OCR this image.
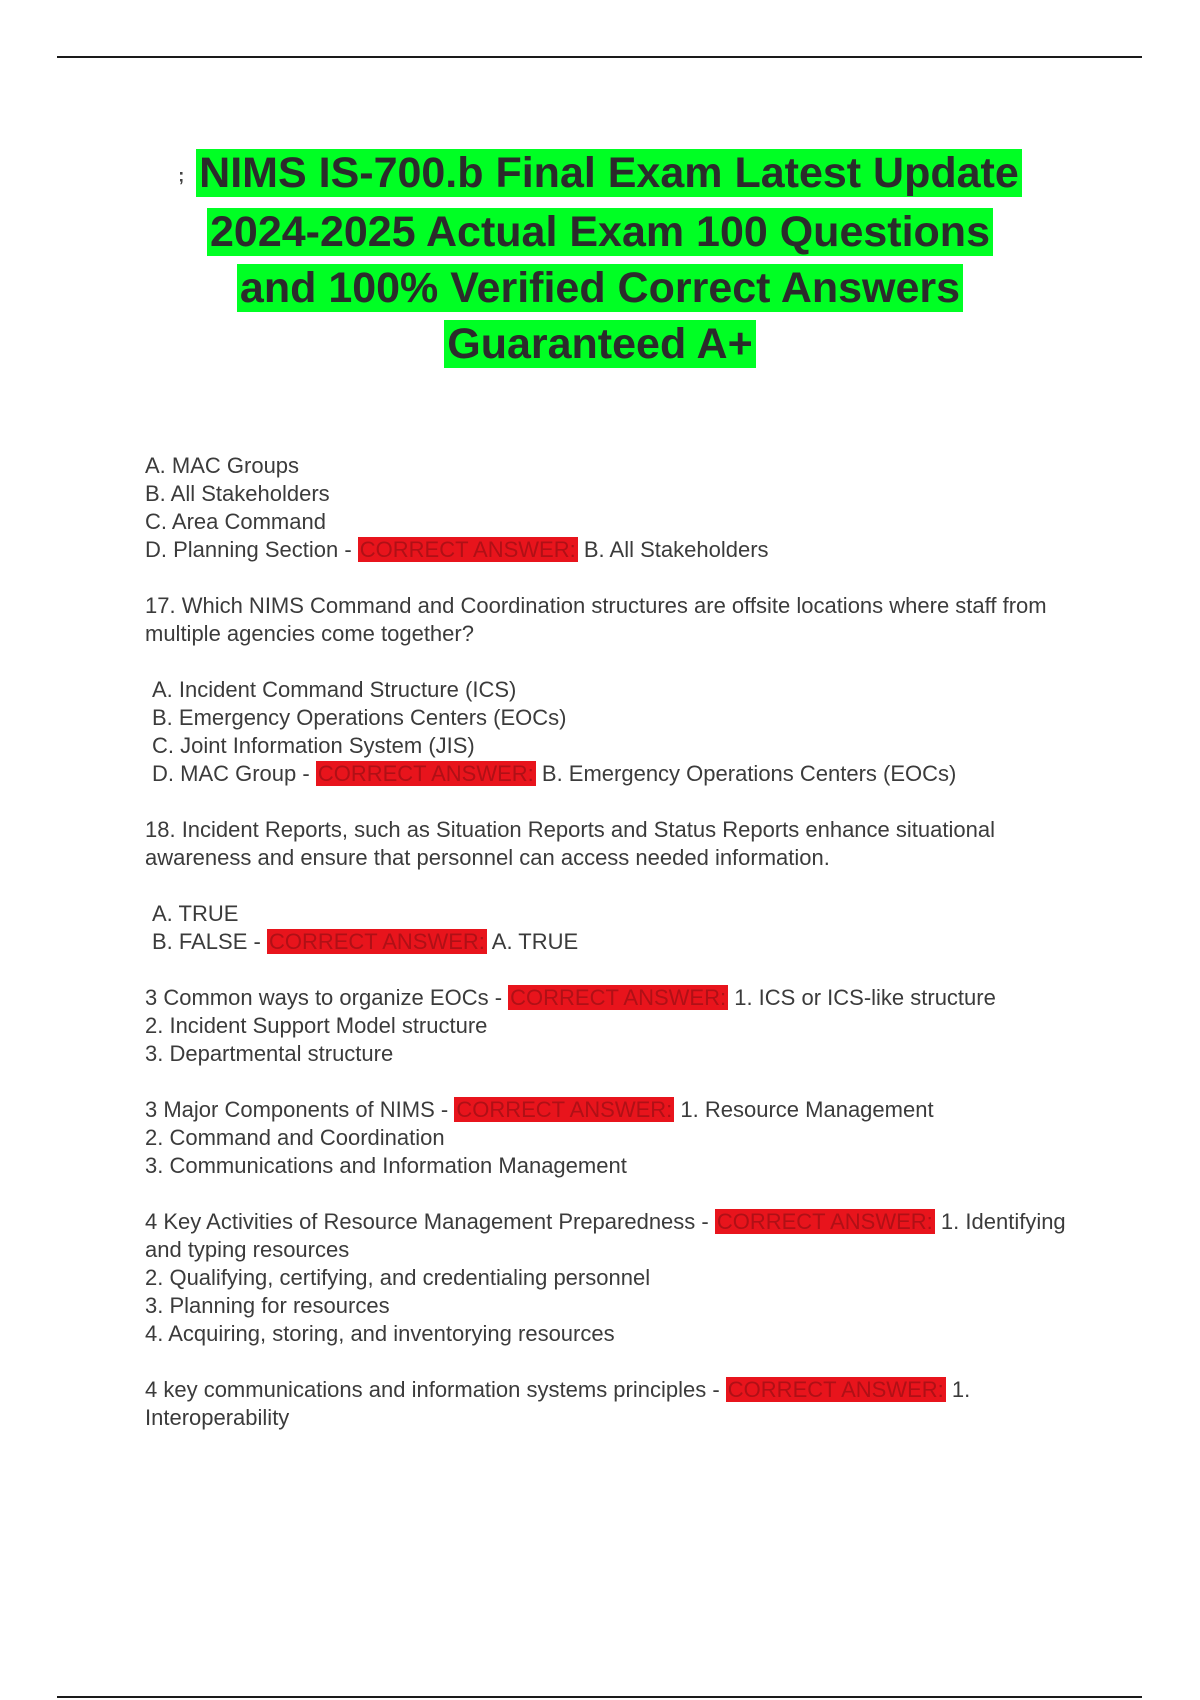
; NIMS IS-700.b Final Exam Latest Update
2024-2025 Actual Exam 100 Questions
and 100% Verified Correct Answers
Guaranteed A+
A. MAC Groups
B. All Stakeholders
C. Area Command
D. Planning Section - CORRECT ANSWER: B. All Stakeholders
17. Which NIMS Command and Coordination structures are offsite locations where staff from multiple agencies come together?
A. Incident Command Structure (ICS)
B. Emergency Operations Centers (EOCs)
C. Joint Information System (JIS)
D. MAC Group - CORRECT ANSWER: B. Emergency Operations Centers (EOCs)
18. Incident Reports, such as Situation Reports and Status Reports enhance situational awareness and ensure that personnel can access needed information.
A. TRUE
B. FALSE - CORRECT ANSWER: A. TRUE
3 Common ways to organize EOCs - CORRECT ANSWER: 1. ICS or ICS-like structure
2. Incident Support Model structure
3. Departmental structure
3 Major Components of NIMS - CORRECT ANSWER: 1. Resource Management
2. Command and Coordination
3. Communications and Information Management
4 Key Activities of Resource Management Preparedness - CORRECT ANSWER: 1. Identifying and typing resources
2. Qualifying, certifying, and credentialing personnel
3. Planning for resources
4. Acquiring, storing, and inventorying resources
4 key communications and information systems principles - CORRECT ANSWER: 1. Interoperability
